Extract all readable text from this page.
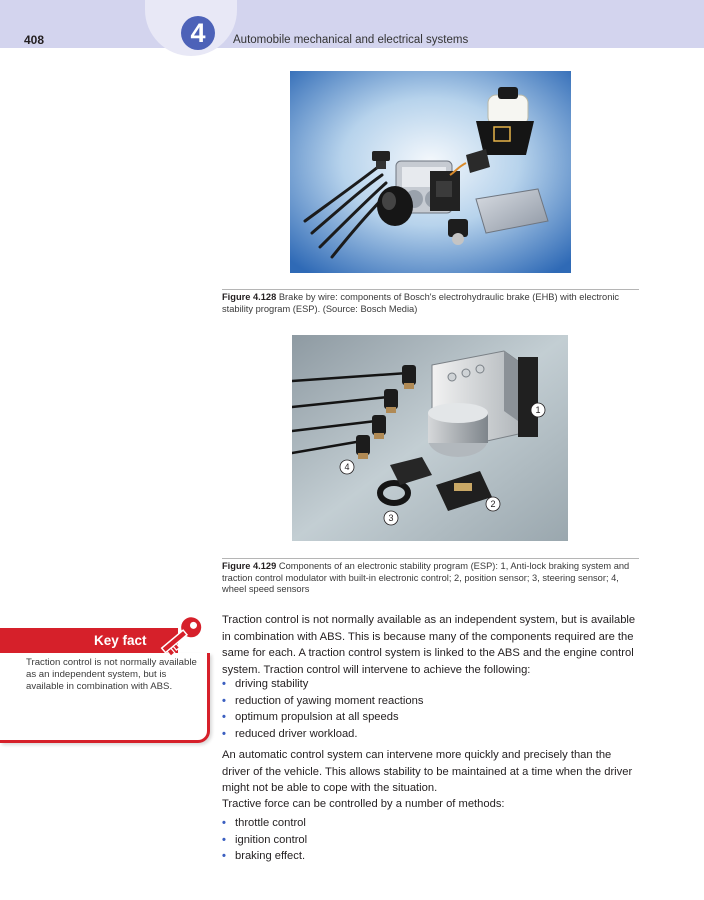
408	4	Automobile mechanical and electrical systems
Figure 4.128 Brake by wire: components of Bosch's electrohydraulic brake (EHB) with electronic stability program (ESP). (Source: Bosch Media)
1
2
3
4
Figure 4.129 Components of an electronic stability program (ESP): 1, Anti-lock braking system and traction control modulator with built-in electronic control; 2, position sensor; 3, steering sensor; 4, wheel speed sensors
Key fact
Traction control is not normally available as an independent system, but is available in combination with ABS.

Traction control is not normally available as an independent system, but is available in combination with ABS. This is because many of the components required are the same for each. A traction control system is linked to the ABS and the engine control system. Traction control will intervene to achieve the following:

• driving stability
• reduction of yawing moment reactions
• optimum propulsion at all speeds
• reduced driver workload.

An automatic control system can intervene more quickly and precisely than the driver of the vehicle. This allows stability to be maintained at a time when the driver might not be able to cope with the situation.

Tractive force can be controlled by a number of methods:

• throttle control
• ignition control
• braking effect.
